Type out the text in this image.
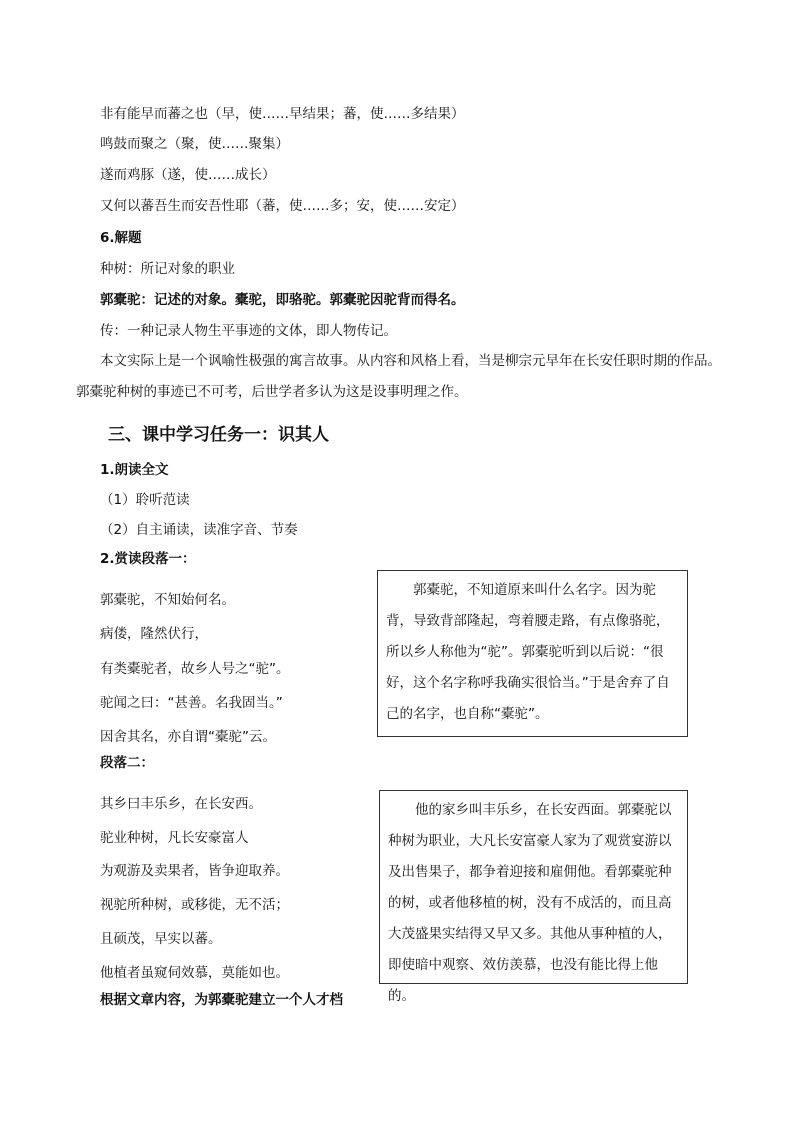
非有能早而蕃之也（早，使……早结果；蕃，使……多结果）
鸣鼓而聚之（聚，使……聚集）
遂而鸡豚（遂，使……成长）
又何以蕃吾生而安吾性耶（蕃，使……多；安，使……安定）
6.解题
种树：所记对象的职业
郭橐驼：记述的对象。橐驼，即骆驼。郭橐驼因驼背而得名。
传：一种记录人物生平事迹的文体，即人物传记。
本文实际上是一个讽喻性极强的寓言故事。从内容和风格上看，当是柳宗元早年在长安任职时期的作品。郭橐驼种树的事迹已不可考，后世学者多认为这是设事明理之作。
三、课中学习任务一：识其人
1.朗读全文
（1）聆听范读
（2）自主诵读，读准字音、节奏
2.赏读段落一：
郭橐驼，不知始何名。
病偻，隆然伏行，
有类橐驼者，故乡人号之“驼”。
驼闻之曰：“甚善。名我固当。”
因舍其名，亦自谓“橐驼”云。

郭橐驼，不知道原来叫什么名字。因为驼背，导致背部隆起，弯着腰走路，有点像骆驼，所以乡人称他为“驼”。郭橐驼听到以后说：“很好，这个名字称呼我确实很恰当。”于是舍弃了自己的名字，也自称“橐驼”。

段落二：
其乡曰丰乐乡，在长安西。
驼业种树，凡长安豪富人
为观游及卖果者，皆争迎取养。
视驼所种树，或移徙，无不活；
且硕茂，早实以蕃。
他植者虽窥伺效慕，莫能如也。

他的家乡叫丰乐乡，在长安西面。郭橐驼以种树为职业，大凡长安富豪人家为了观赏宴游以及出售果子，都争着迎接和雇佣他。看郭橐驼种的树，或者他移植的树，没有不成活的，而且高大茂盛果实结得又早又多。其他从事种植的人，即使暗中观察、效仿羡慕，也没有能比得上他的。

根据文章内容，为郭橐驼建立一个人才档
